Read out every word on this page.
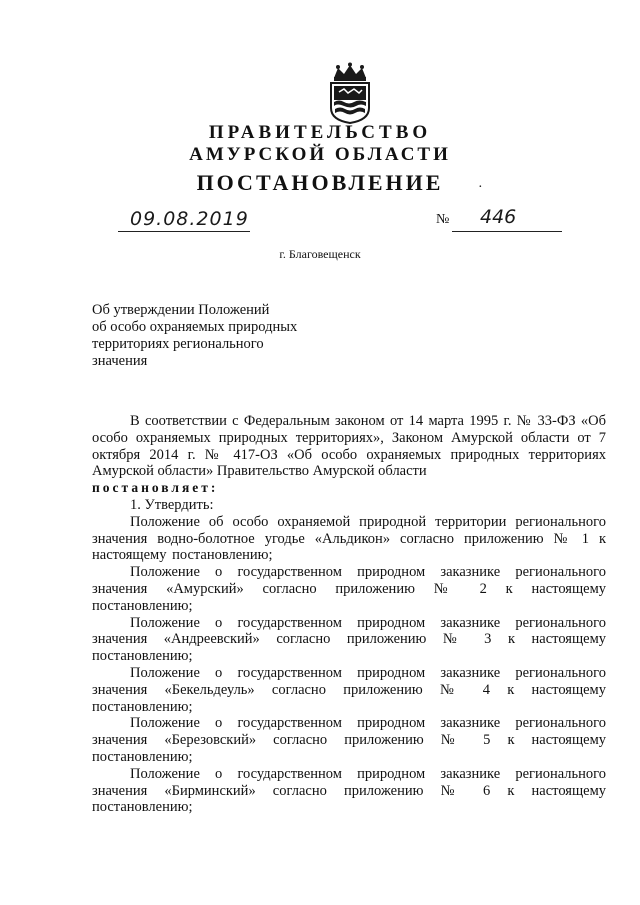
ПРАВИТЕЛЬСТВО
АМУРСКОЙ ОБЛАСТИ
ПОСТАНОВЛЕНИЕ	·
09.08.2019	№ 446
г. Благовещенск
Об утверждении Положений
об особо охраняемых природных
территориях регионального
значения

В соответствии с Федеральным законом от 14 марта 1995 г. № 33-ФЗ «Об особо охраняемых природных территориях», Законом Амурской области от 7 октября 2014 г. № 417-ОЗ «Об особо охраняемых природных территориях Амурской области» Правительство Амурской области

постановляет:

1. Утвердить:

Положение об особо охраняемой природной территории регионального значения водно-болотное угодье «Альдикон» согласно приложению № 1 к настоящему постановлению;

Положение о государственном природном заказнике регионального значения «Амурский» согласно приложению № 2 к настоящему постановлению;

Положение о государственном природном заказнике регионального значения «Андреевский» согласно приложению № 3 к настоящему постановлению;

Положение о государственном природном заказнике регионального значения «Бекельдеуль» согласно приложению № 4 к настоящему постановлению;

Положение о государственном природном заказнике регионального значения «Березовский» согласно приложению № 5 к настоящему постановлению;

Положение о государственном природном заказнике регионального значения «Бирминский» согласно приложению № 6 к настоящему постановлению;
